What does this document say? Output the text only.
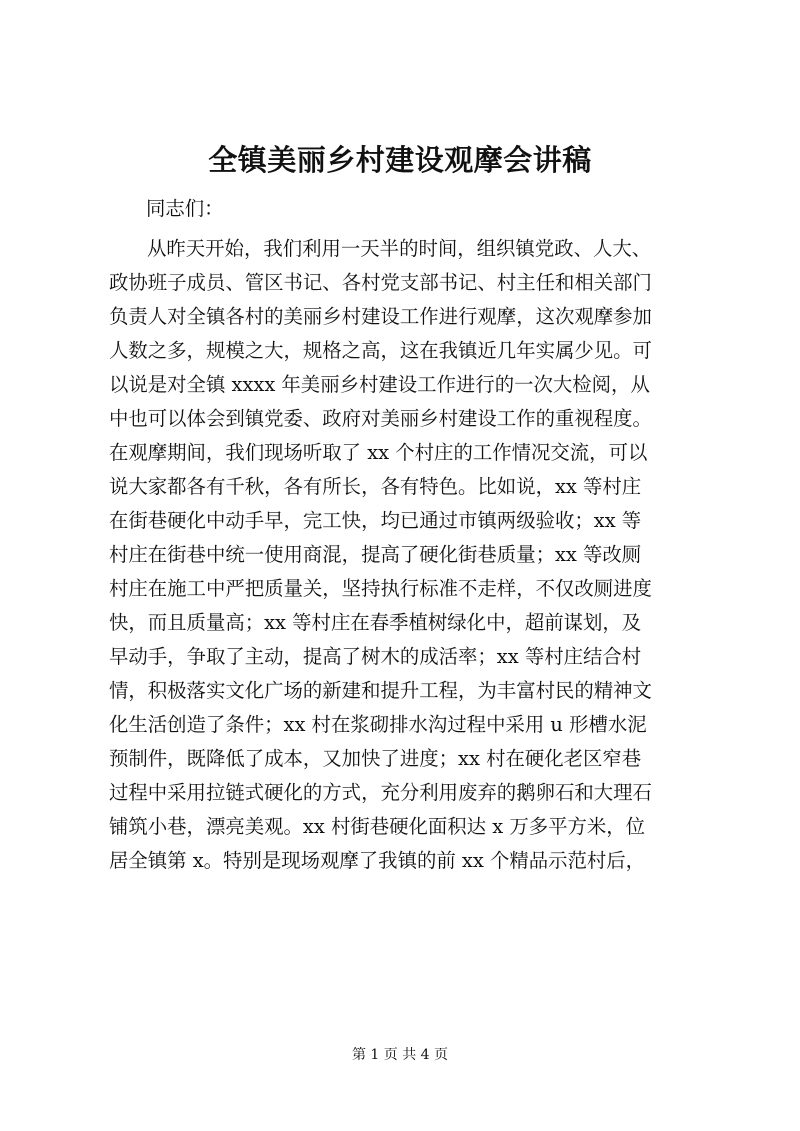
全镇美丽乡村建设观摩会讲稿

同志们：

从昨天开始，我们利用一天半的时间，组织镇党政、人大、
政协班子成员、管区书记、各村党支部书记、村主任和相关部门
负责人对全镇各村的美丽乡村建设工作进行观摩，这次观摩参加
人数之多，规模之大，规格之高，这在我镇近几年实属少见。可
以说是对全镇 xxxx 年美丽乡村建设工作进行的一次大检阅，从
中也可以体会到镇党委、政府对美丽乡村建设工作的重视程度。
在观摩期间，我们现场听取了 xx 个村庄的工作情况交流，可以
说大家都各有千秋，各有所长，各有特色。比如说，xx 等村庄
在街巷硬化中动手早，完工快，均已通过市镇两级验收；xx 等
村庄在街巷中统一使用商混，提高了硬化街巷质量；xx 等改厕
村庄在施工中严把质量关，坚持执行标准不走样，不仅改厕进度
快，而且质量高；xx 等村庄在春季植树绿化中，超前谋划，及
早动手，争取了主动，提高了树木的成活率；xx 等村庄结合村
情，积极落实文化广场的新建和提升工程，为丰富村民的精神文
化生活创造了条件；xx 村在浆砌排水沟过程中采用 u 形槽水泥
预制件，既降低了成本，又加快了进度；xx 村在硬化老区窄巷
过程中采用拉链式硬化的方式，充分利用废弃的鹅卵石和大理石
铺筑小巷，漂亮美观。xx 村街巷硬化面积达 x 万多平方米，位
居全镇第 x。特别是现场观摩了我镇的前 xx 个精品示范村后，

第 1 页 共 4 页
